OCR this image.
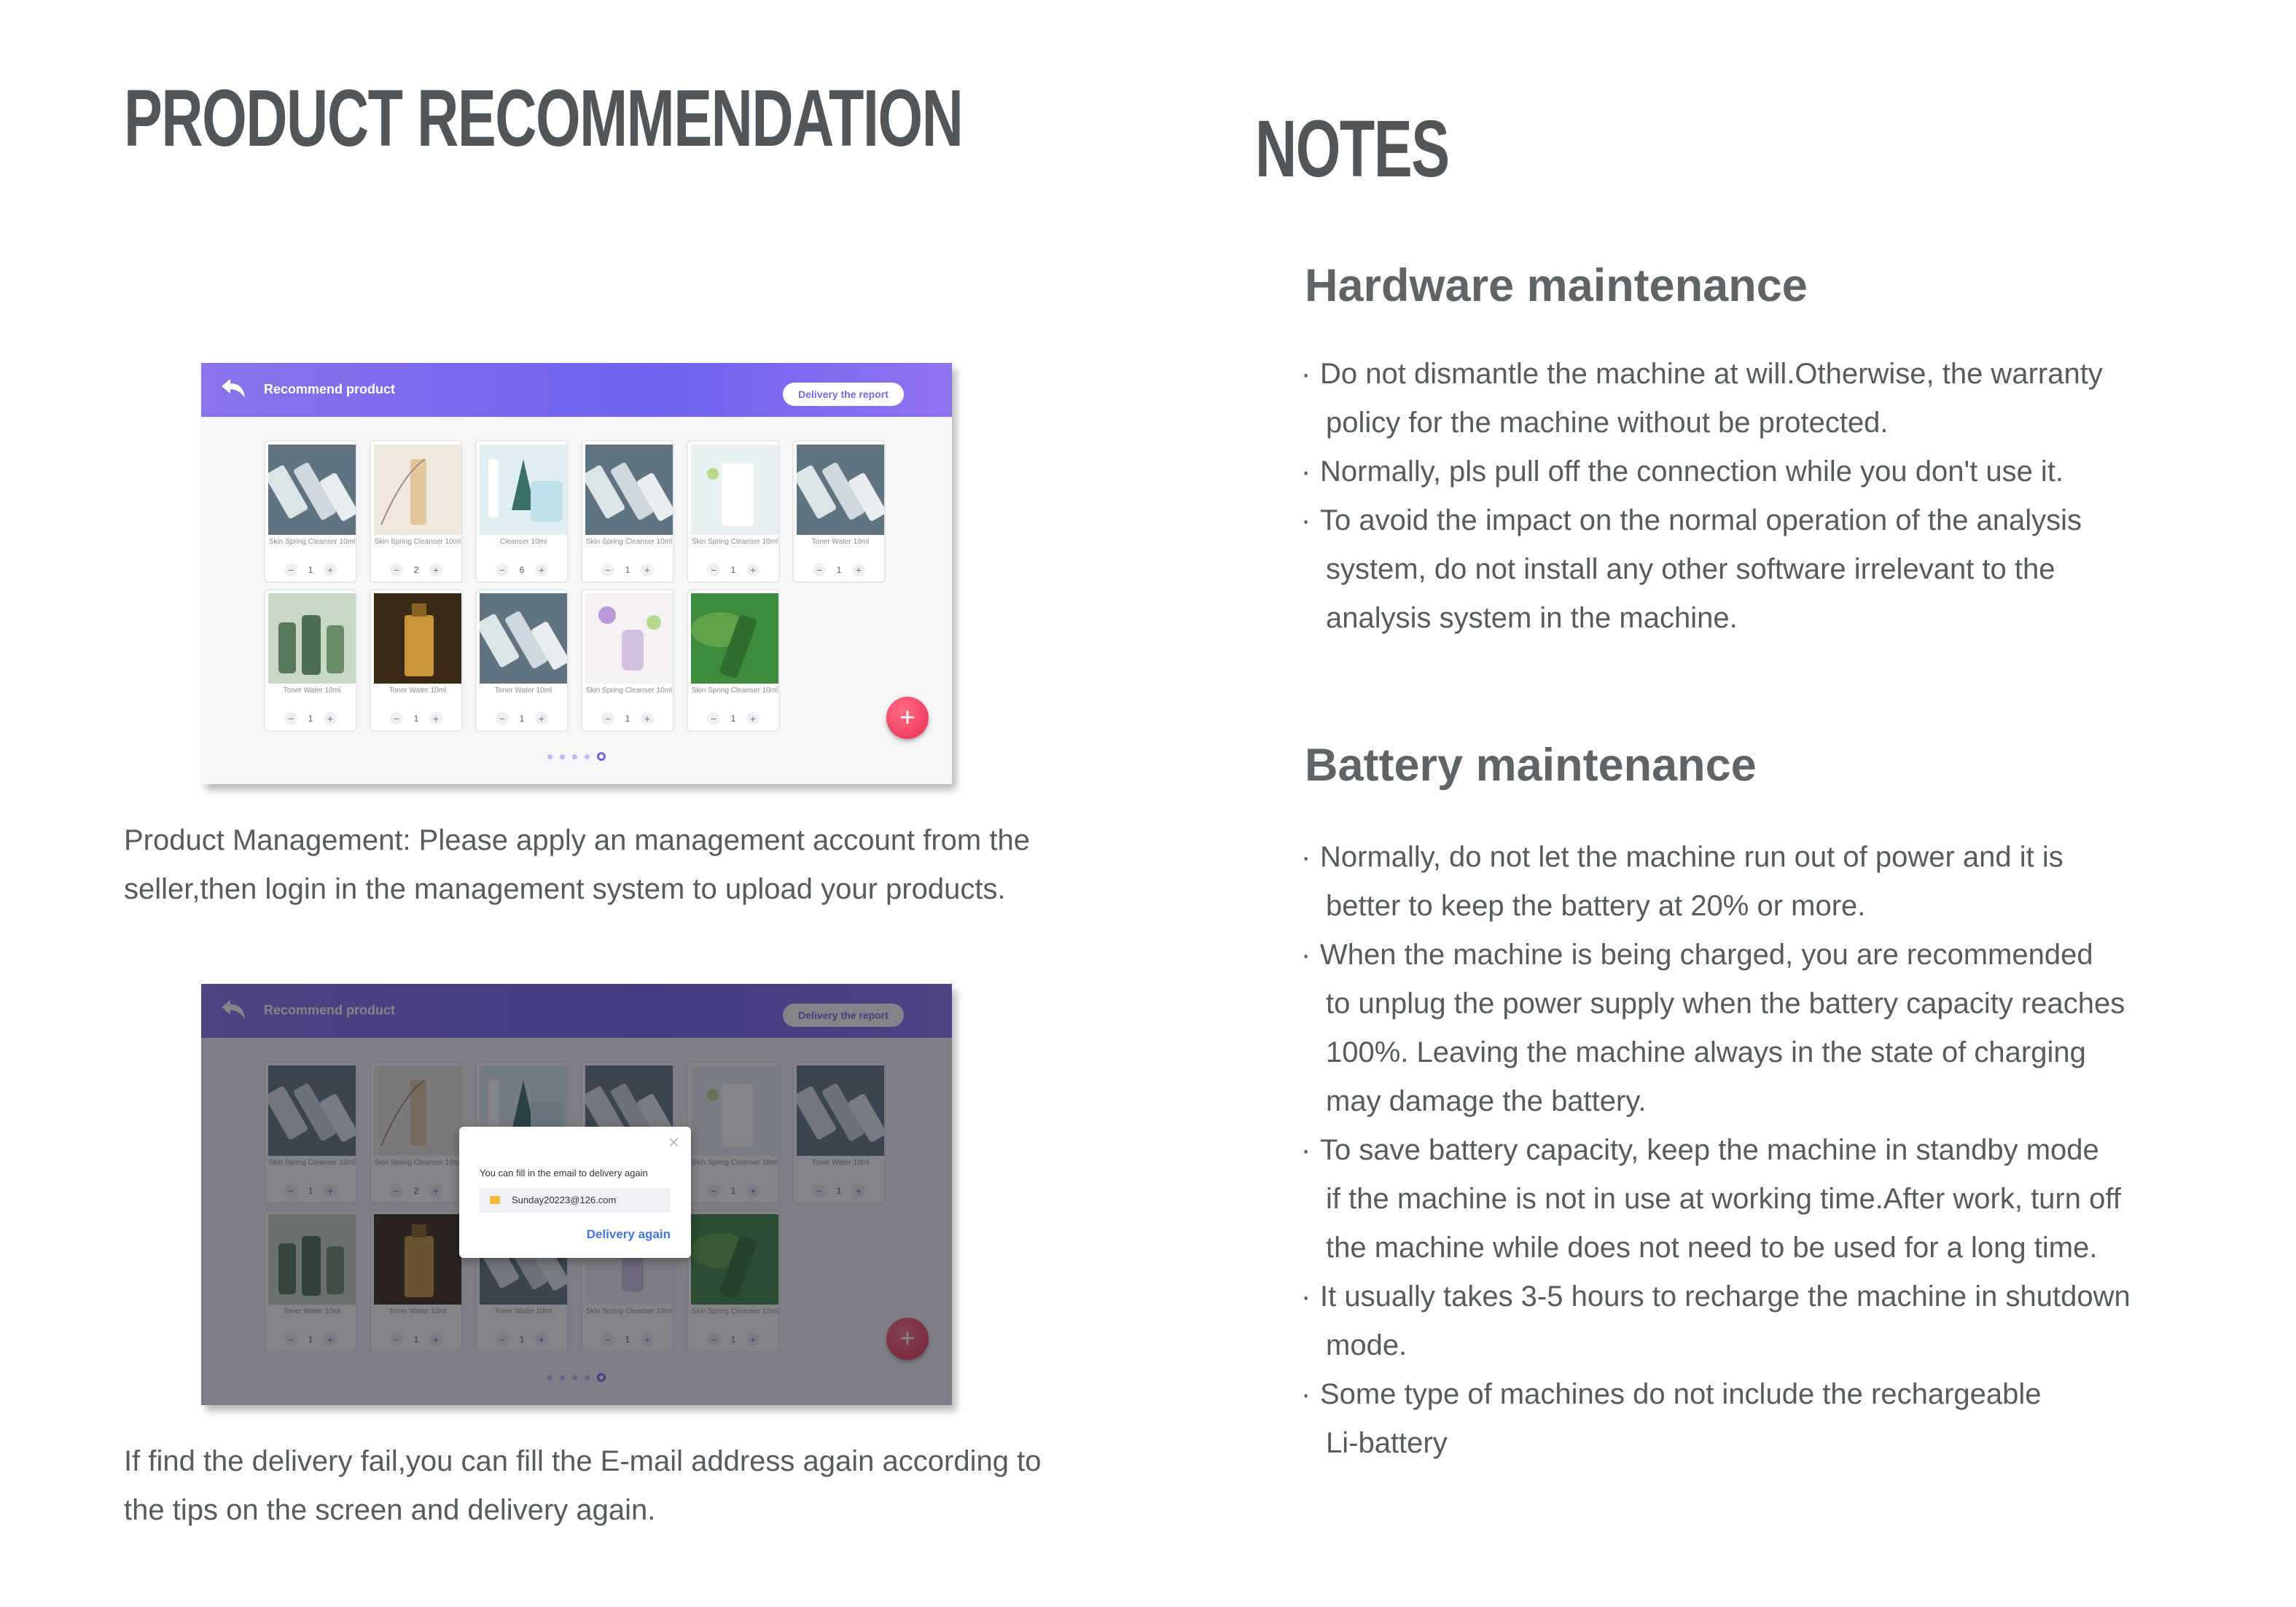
PRODUCT RECOMMENDATION
Recommend product	Delivery the report
Skin Spring Cleanser 10ml
−	1	+
Skin Spring Cleanser 10ml
−	2	+
Cleanser 10ml
−	6	+
Skin Spring Cleanser 10ml
−	1	+
Skin Spring Cleanser 10ml
−	1	+
Toner Water 10ml
−	1	+
Toner Water 10ml
−	1	+
Toner Water 10ml
−	1	+
Toner Water 10ml
−	1	+
Skin Spring Cleanser 10ml
−	1	+
Skin Spring Cleanser 10ml
−	1	+	+
Product Management: Please apply an management account from the
seller,then login in the management system to upload your products.
×
You can fill in the email to delivery again
Sunday20223@126.com
Delivery again
If find the delivery fail,you can fill the E-mail address again according to
the tips on the screen and delivery again.
NOTES
Hardware maintenance
· Do not dismantle the machine at will.Otherwise, the warranty
policy for the machine without be protected.
· Normally, pls pull off the connection while you don't use it.
· To avoid the impact on the normal operation of the analysis
system, do not install any other software irrelevant to the
analysis system in the machine.
Battery maintenance
· Normally, do not let the machine run out of power and it is
better to keep the battery at 20% or more.
· When the machine is being charged, you are recommended
to unplug the power supply when the battery capacity reaches
100%. Leaving the machine always in the state of charging
may damage the battery.
· To save battery capacity, keep the machine in standby mode
if the machine is not in use at working time.After work, turn off
the machine while does not need to be used for a long time.
· It usually takes 3-5 hours to recharge the machine in shutdown
mode.
· Some type of machines do not include the rechargeable
Li-battery
